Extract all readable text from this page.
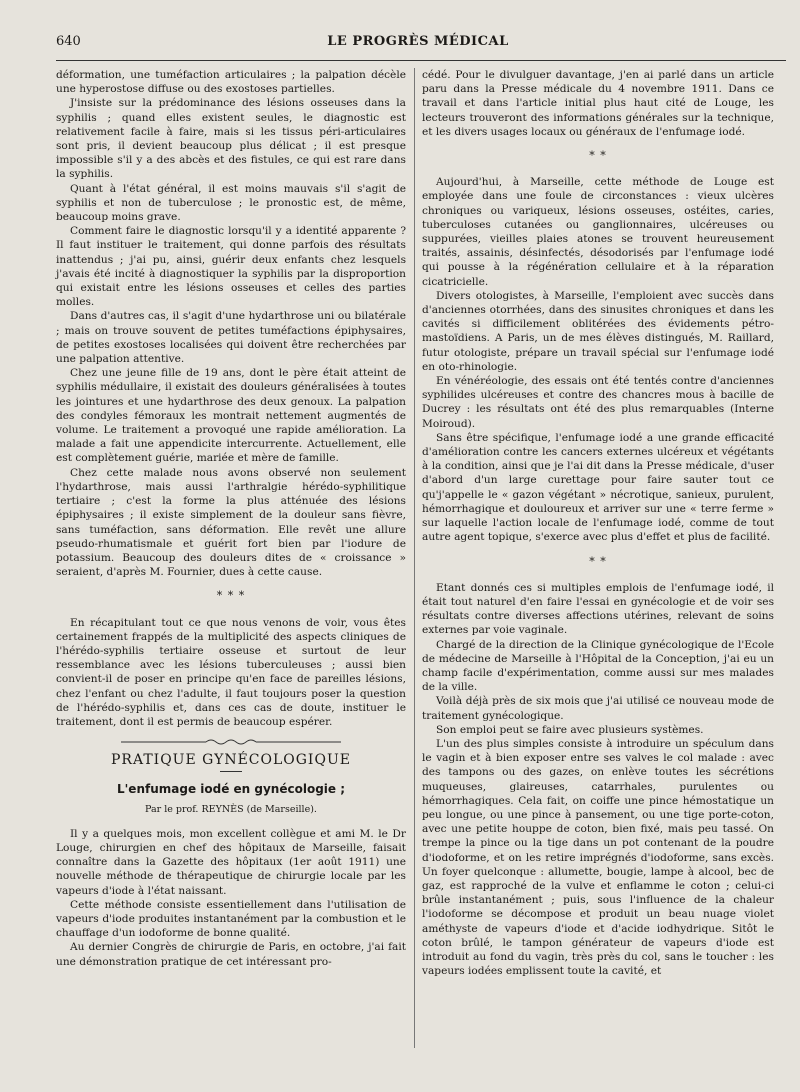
640	LE PROGRÈS MÉDICAL

déformation, une tuméfaction articulaires ; la palpation décèle une hyperostose diffuse ou des exostoses partielles.

J'insiste sur la prédominance des lésions osseuses dans la syphilis ; quand elles existent seules, le diagnostic est relativement facile à faire, mais si les tissus péri-articulaires sont pris, il devient beaucoup plus délicat ; il est presque impossible s'il y a des abcès et des fistules, ce qui est rare dans la syphilis.

Quant à l'état général, il est moins mauvais s'il s'agit de syphilis et non de tuberculose ; le pronostic est, de même, beaucoup moins grave.

Comment faire le diagnostic lorsqu'il y a identité apparente ? Il faut instituer le traitement, qui donne parfois des résultats inattendus ; j'ai pu, ainsi, guérir deux enfants chez lesquels j'avais été incité à diagnostiquer la syphilis par la disproportion qui existait entre les lésions osseuses et celles des parties molles.

Dans d'autres cas, il s'agit d'une hydarthrose uni ou bilatérale ; mais on trouve souvent de petites tuméfactions épiphysaires, de petites exostoses localisées qui doivent être recherchées par une palpation attentive.

Chez une jeune fille de 19 ans, dont le père était atteint de syphilis médullaire, il existait des douleurs généralisées à toutes les jointures et une hydarthrose des deux genoux. La palpation des condyles fémoraux les montrait nettement augmentés de volume. Le traitement a provoqué une rapide amélioration. La malade a fait une appendicite intercurrente. Actuellement, elle est complètement guérie, mariée et mère de famille.

Chez cette malade nous avons observé non seulement l'hydarthrose, mais aussi l'arthralgie hérédo-syphilitique tertiaire ; c'est la forme la plus atténuée des lésions épiphysaires ; il existe simplement de la douleur sans fièvre, sans tuméfaction, sans déformation. Elle revêt une allure pseudo-rhumatismale et guérit fort bien par l'iodure de potassium. Beaucoup des douleurs dites de « croissance » seraient, d'après M. Fournier, dues à cette cause.

* * *

En récapitulant tout ce que nous venons de voir, vous êtes certainement frappés de la multiplicité des aspects cliniques de l'hérédo-syphilis tertiaire osseuse et surtout de leur ressemblance avec les lésions tuberculeuses ; aussi bien convient-il de poser en principe qu'en face de pareilles lésions, chez l'enfant ou chez l'adulte, il faut toujours poser la question de l'hérédo-syphilis et, dans ces cas de doute, instituer le traitement, dont il est permis de beaucoup espérer.

PRATIQUE GYNÉCOLOGIQUE
L'enfumage iodé en gynécologie ;
Par le prof. REYNÈS (de Marseille).

Il y a quelques mois, mon excellent collègue et ami M. le Dr Louge, chirurgien en chef des hôpitaux de Marseille, faisait connaître dans la Gazette des hôpitaux (1er août 1911) une nouvelle méthode de thérapeutique de chirurgie locale par les vapeurs d'iode à l'état naissant.

Cette méthode consiste essentiellement dans l'utilisation de vapeurs d'iode produites instantanément par la combustion et le chauffage d'un iodoforme de bonne qualité.

Au dernier Congrès de chirurgie de Paris, en octobre, j'ai fait une démonstration pratique de cet intéressant pro-

cédé. Pour le divulguer davantage, j'en ai parlé dans un article paru dans la Presse médicale du 4 novembre 1911. Dans ce travail et dans l'article initial plus haut cité de Louge, les lecteurs trouveront des informations générales sur la technique, et les divers usages locaux ou généraux de l'enfumage iodé.

* *

Aujourd'hui, à Marseille, cette méthode de Louge est employée dans une foule de circonstances : vieux ulcères chroniques ou variqueux, lésions osseuses, ostéites, caries, tuberculoses cutanées ou ganglionnaires, ulcéreuses ou suppurées, vieilles plaies atones se trouvent heureusement traités, assainis, désinfectés, désodorisés par l'enfumage iodé qui pousse à la régénération cellulaire et à la réparation cicatricielle.

Divers otologistes, à Marseille, l'emploient avec succès dans d'anciennes otorrhées, dans des sinusites chroniques et dans les cavités si difficilement oblitérées des évidements pétro-mastoïdiens. A Paris, un de mes élèves distingués, M. Raillard, futur otologiste, prépare un travail spécial sur l'enfumage iodé en oto-rhinologie.

En vénéréologie, des essais ont été tentés contre d'anciennes syphilides ulcéreuses et contre des chancres mous à bacille de Ducrey : les résultats ont été des plus remarquables (Interne Moiroud).

Sans être spécifique, l'enfumage iodé a une grande efficacité d'amélioration contre les cancers externes ulcéreux et végétants à la condition, ainsi que je l'ai dit dans la Presse médicale, d'user d'abord d'un large curettage pour faire sauter tout ce qu'j'appelle le « gazon végétant » nécrotique, sanieux, purulent, hémorrhagique et douloureux et arriver sur une « terre ferme » sur laquelle l'action locale de l'enfumage iodé, comme de tout autre agent topique, s'exerce avec plus d'effet et plus de facilité.

* *

Etant donnés ces si multiples emplois de l'enfumage iodé, il était tout naturel d'en faire l'essai en gynécologie et de voir ses résultats contre diverses affections utérines, relevant de soins externes par voie vaginale.

Chargé de la direction de la Clinique gynécologique de l'Ecole de médecine de Marseille à l'Hôpital de la Conception, j'ai eu un champ facile d'expérimentation, comme aussi sur mes malades de la ville.

Voilà déjà près de six mois que j'ai utilisé ce nouveau mode de traitement gynécologique.

Son emploi peut se faire avec plusieurs systèmes.

L'un des plus simples consiste à introduire un spéculum dans le vagin et à bien exposer entre ses valves le col malade : avec des tampons ou des gazes, on enlève toutes les sécrétions muqueuses, glaireuses, catarrhales, purulentes ou hémorrhagiques. Cela fait, on coiffe une pince hémostatique un peu longue, ou une pince à pansement, ou une tige porte-coton, avec une petite houppe de coton, bien fixé, mais peu tassé. On trempe la pince ou la tige dans un pot contenant de la poudre d'iodoforme, et on les retire imprégnés d'iodoforme, sans excès. Un foyer quelconque : allumette, bougie, lampe à alcool, bec de gaz, est rapproché de la vulve et enflamme le coton ; celui-ci brûle instantanément ; puis, sous l'influence de la chaleur l'iodoforme se décompose et produit un beau nuage violet améthyste de vapeurs d'iode et d'acide iodhydrique. Sitôt le coton brûlé, le tampon générateur de vapeurs d'iode est introduit au fond du vagin, très près du col, sans le toucher : les vapeurs iodées emplissent toute la cavité, et
